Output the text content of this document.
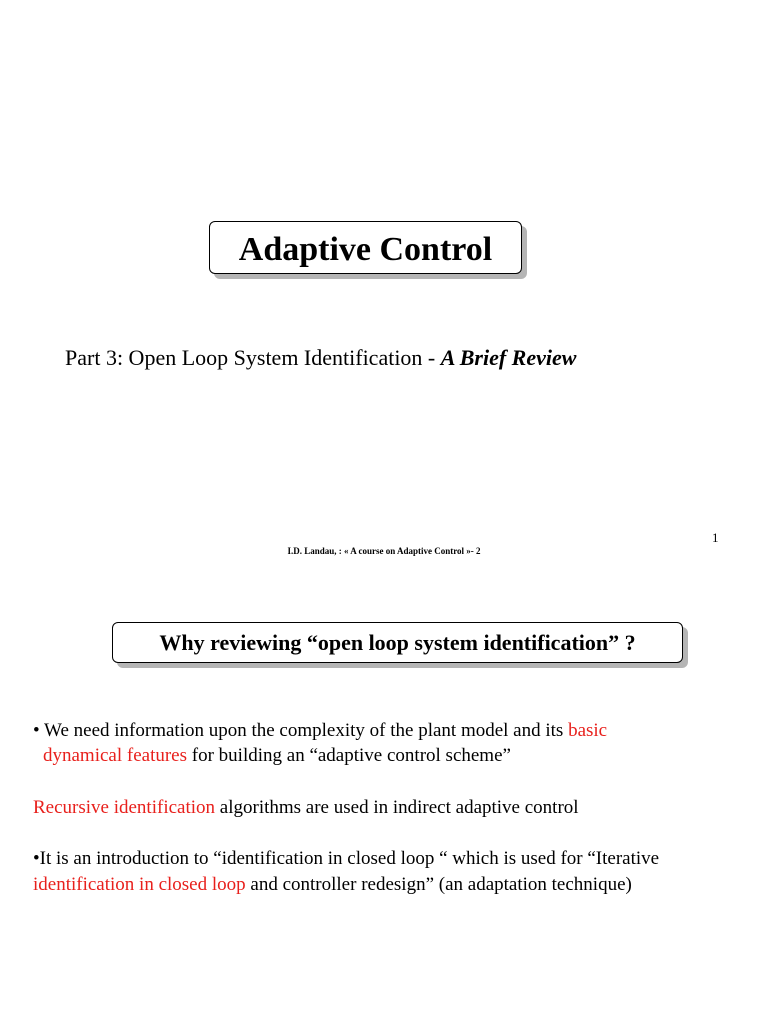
Adaptive Control
Part 3: Open Loop System Identification - A Brief Review
1
I.D. Landau, : « A course on Adaptive Control »- 2
Why reviewing “open loop system identification” ?
• We need information upon the complexity of the plant model and its basic
dynamical features for building an “adaptive control scheme”
Recursive identification algorithms are used in indirect adaptive control
•It is an introduction to “identification in closed loop “ which is used for “Iterative
identification in closed loop and controller redesign” (an adaptation technique)
